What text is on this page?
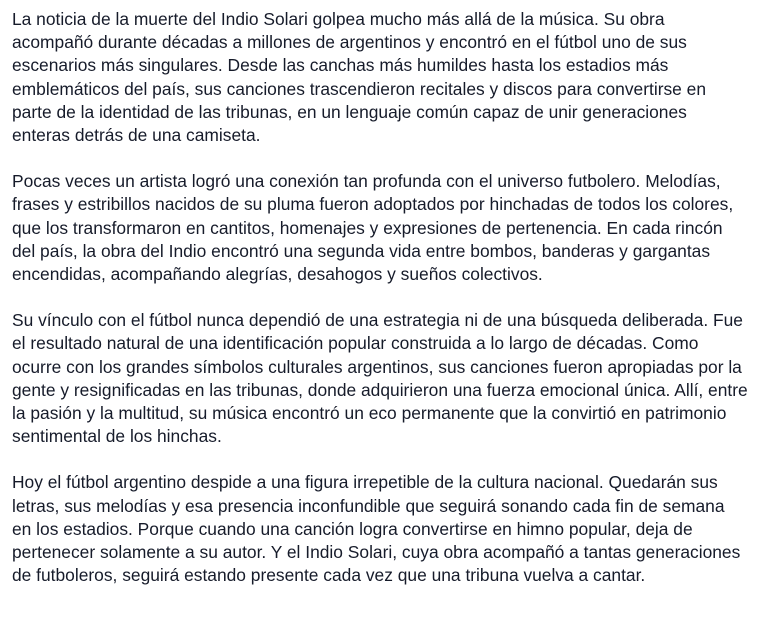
La noticia de la muerte del Indio Solari golpea mucho más allá de la música. Su obra acompañó durante décadas a millones de argentinos y encontró en el fútbol uno de sus escenarios más singulares. Desde las canchas más humildes hasta los estadios más emblemáticos del país, sus canciones trascendieron recitales y discos para convertirse en parte de la identidad de las tribunas, en un lenguaje común capaz de unir generaciones enteras detrás de una camiseta.

Pocas veces un artista logró una conexión tan profunda con el universo futbolero. Melodías, frases y estribillos nacidos de su pluma fueron adoptados por hinchadas de todos los colores, que los transformaron en cantitos, homenajes y expresiones de pertenencia. En cada rincón del país, la obra del Indio encontró una segunda vida entre bombos, banderas y gargantas encendidas, acompañando alegrías, desahogos y sueños colectivos.

Su vínculo con el fútbol nunca dependió de una estrategia ni de una búsqueda deliberada. Fue el resultado natural de una identificación popular construida a lo largo de décadas. Como ocurre con los grandes símbolos culturales argentinos, sus canciones fueron apropiadas por la gente y resignificadas en las tribunas, donde adquirieron una fuerza emocional única. Allí, entre la pasión y la multitud, su música encontró un eco permanente que la convirtió en patrimonio sentimental de los hinchas.

Hoy el fútbol argentino despide a una figura irrepetible de la cultura nacional. Quedarán sus letras, sus melodías y esa presencia inconfundible que seguirá sonando cada fin de semana en los estadios. Porque cuando una canción logra convertirse en himno popular, deja de pertenecer solamente a su autor. Y el Indio Solari, cuya obra acompañó a tantas generaciones de futboleros, seguirá estando presente cada vez que una tribuna vuelva a cantar.
